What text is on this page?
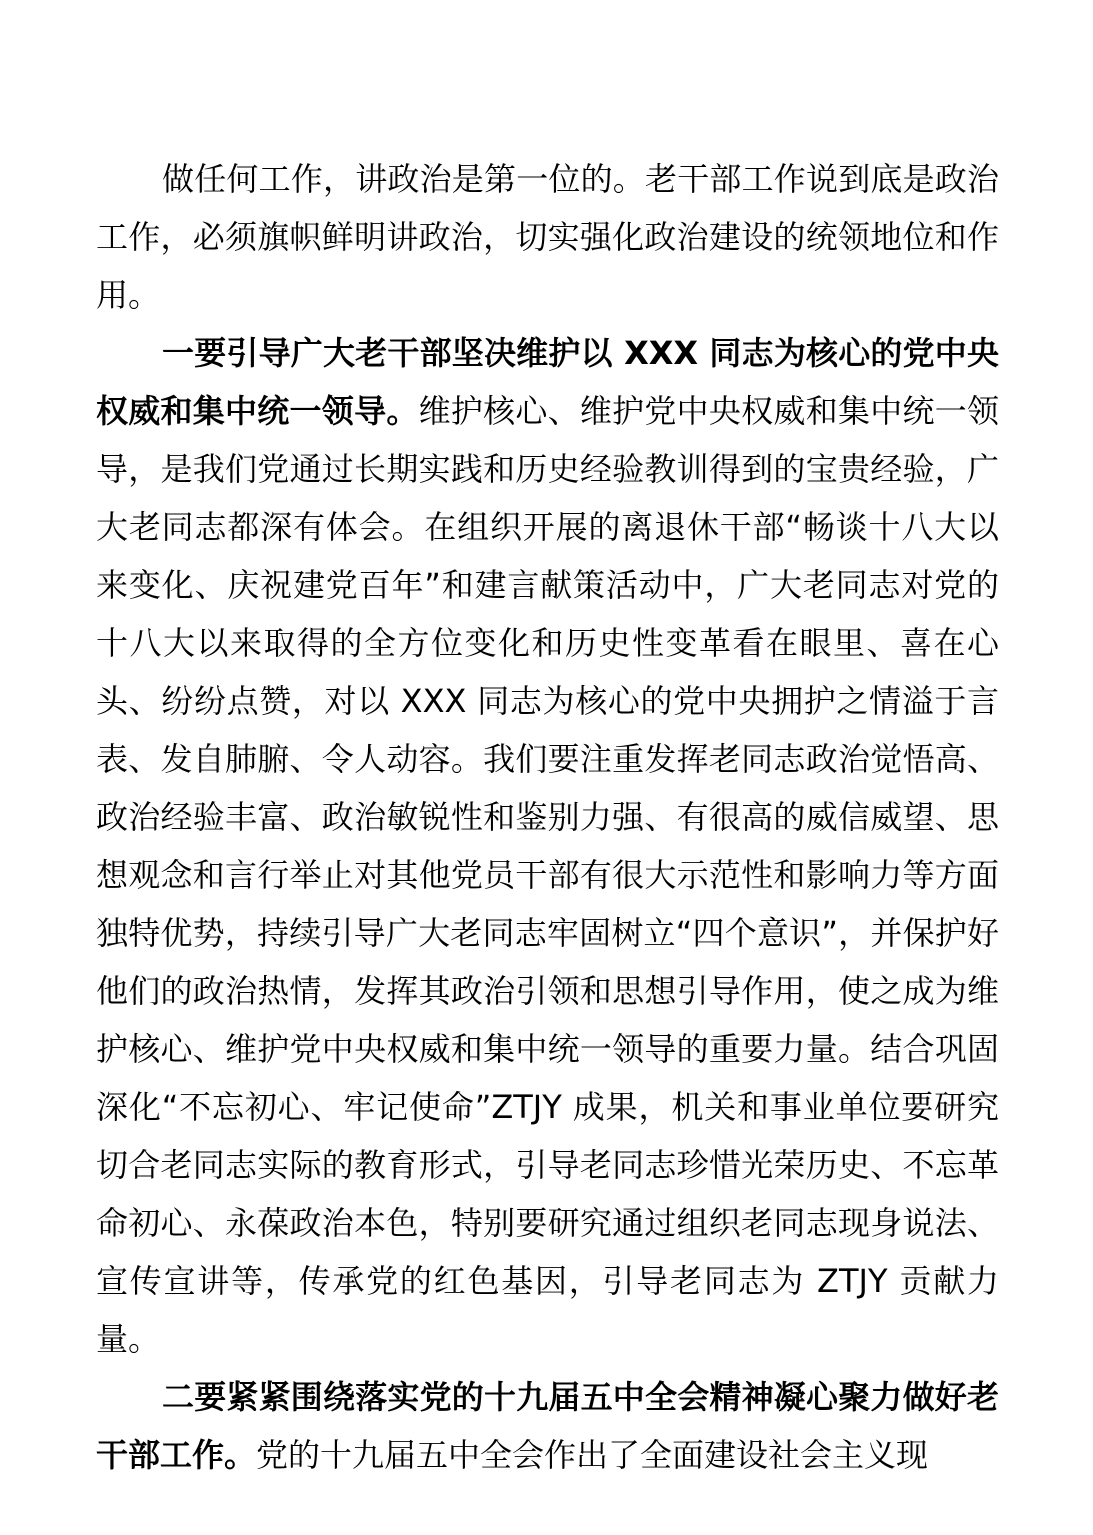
做任何工作，讲政治是第一位的。老干部工作说到底是政治工作，必须旗帜鲜明讲政治，切实强化政治建设的统领地位和作用。

一要引导广大老干部坚决维护以 XXX 同志为核心的党中央权威和集中统一领导。维护核心、维护党中央权威和集中统一领导，是我们党通过长期实践和历史经验教训得到的宝贵经验，广大老同志都深有体会。在组织开展的离退休干部“畅谈十八大以来变化、庆祝建党百年”和建言献策活动中，广大老同志对党的十八大以来取得的全方位变化和历史性变革看在眼里、喜在心头、纷纷点赞，对以 XXX 同志为核心的党中央拥护之情溢于言表、发自肺腑、令人动容。我们要注重发挥老同志政治觉悟高、政治经验丰富、政治敏锐性和鉴别力强、有很高的威信威望、思想观念和言行举止对其他党员干部有很大示范性和影响力等方面独特优势，持续引导广大老同志牢固树立“四个意识”，并保护好他们的政治热情，发挥其政治引领和思想引导作用，使之成为维护核心、维护党中央权威和集中统一领导的重要力量。结合巩固深化“不忘初心、牢记使命”ZTJY 成果，机关和事业单位要研究切合老同志实际的教育形式，引导老同志珍惜光荣历史、不忘革命初心、永葆政治本色，特别要研究通过组织老同志现身说法、宣传宣讲等，传承党的红色基因，引导老同志为 ZTJY 贡献力量。

二要紧紧围绕落实党的十九届五中全会精神凝心聚力做好老干部工作。党的十九届五中全会作出了全面建设社会主义现
